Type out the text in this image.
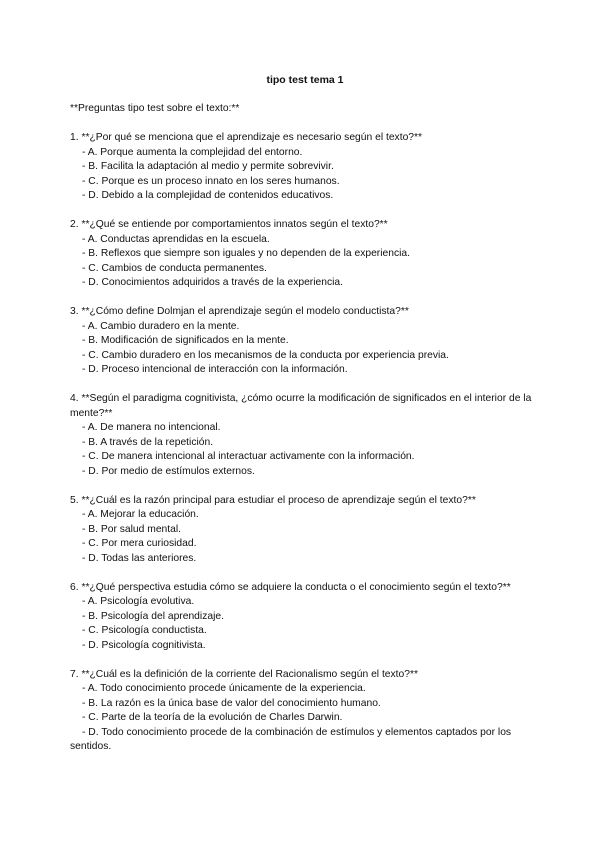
tipo test tema 1
**Preguntas tipo test sobre el texto:**

1. **¿Por qué se menciona que el aprendizaje es necesario según el texto?**

- A. Porque aumenta la complejidad del entorno.

- B. Facilita la adaptación al medio y permite sobrevivir.

- C. Porque es un proceso innato en los seres humanos.

- D. Debido a la complejidad de contenidos educativos.

2. **¿Qué se entiende por comportamientos innatos según el texto?**

- A. Conductas aprendidas en la escuela.

- B. Reflexos que siempre son iguales y no dependen de la experiencia.

- C. Cambios de conducta permanentes.

- D. Conocimientos adquiridos a través de la experiencia.

3. **¿Cómo define Dolmjan el aprendizaje según el modelo conductista?**

- A. Cambio duradero en la mente.

- B. Modificación de significados en la mente.

- C. Cambio duradero en los mecanismos de la conducta por experiencia previa.

- D. Proceso intencional de interacción con la información.

4. **Según el paradigma cognitivista, ¿cómo ocurre la modificación de significados en el interior de la mente?**

- A. De manera no intencional.

- B. A través de la repetición.

- C. De manera intencional al interactuar activamente con la información.

- D. Por medio de estímulos externos.

5. **¿Cuál es la razón principal para estudiar el proceso de aprendizaje según el texto?**

- A. Mejorar la educación.

- B. Por salud mental.

- C. Por mera curiosidad.

- D. Todas las anteriores.

6. **¿Qué perspectiva estudia cómo se adquiere la conducta o el conocimiento según el texto?**

- A. Psicología evolutiva.

- B. Psicología del aprendizaje.

- C. Psicología conductista.

- D. Psicología cognitivista.

7. **¿Cuál es la definición de la corriente del Racionalismo según el texto?**

- A. Todo conocimiento procede únicamente de la experiencia.

- B. La razón es la única base de valor del conocimiento humano.

- C. Parte de la teoría de la evolución de Charles Darwin.

- D. Todo conocimiento procede de la combinación de estímulos y elementos captados por los sentidos.
